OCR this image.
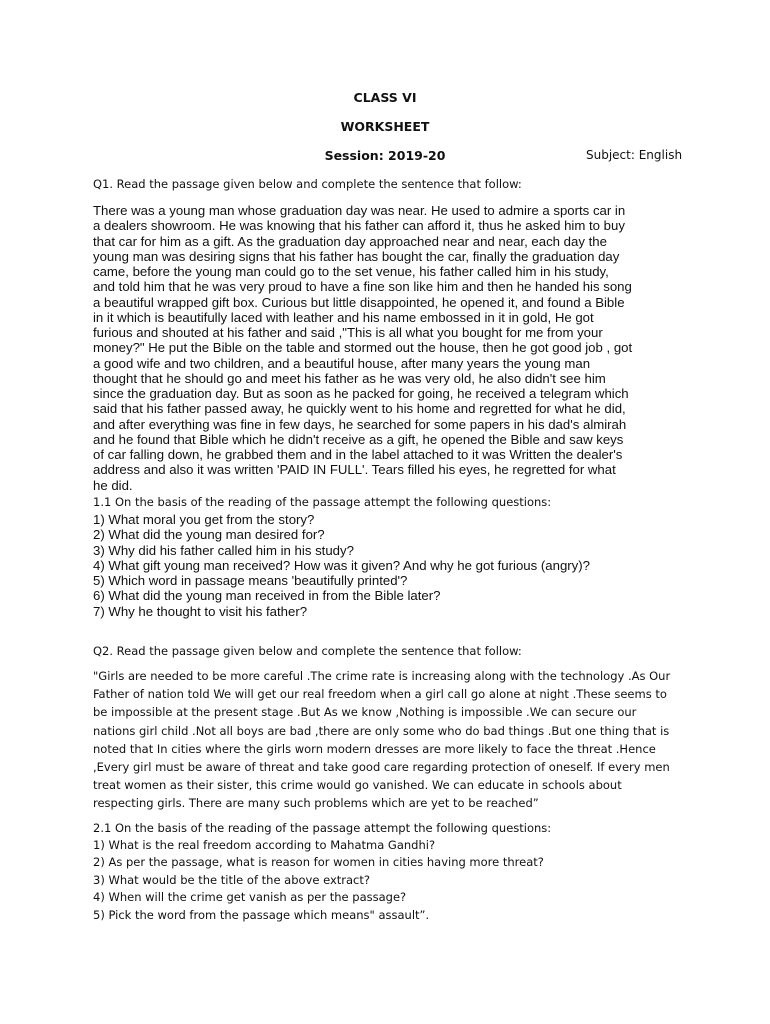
CLASS VI
WORKSHEET
Session: 2019-20	Subject: English
Q1. Read the passage given below and complete the sentence that follow:
There was a young man whose graduation day was near. He used to admire a sports car in
a dealers showroom. He was knowing that his father can afford it, thus he asked him to buy
that car for him as a gift. As the graduation day approached near and near, each day the
young man was desiring signs that his father has bought the car, finally the graduation day
came, before the young man could go to the set venue, his father called him in his study,
and told him that he was very proud to have a fine son like him and then he handed his song
a beautiful wrapped gift box. Curious but little disappointed, he opened it, and found a Bible
in it which is beautifully laced with leather and his name embossed in it in gold, He got
furious and shouted at his father and said ,"This is all what you bought for me from your
money?" He put the Bible on the table and stormed out the house, then he got good job , got
a good wife and two children, and a beautiful house, after many years the young man
thought that he should go and meet his father as he was very old, he also didn't see him
since the graduation day. But as soon as he packed for going, he received a telegram which
said that his father passed away, he quickly went to his home and regretted for what he did,
and after everything was fine in few days, he searched for some papers in his dad's almirah
and he found that Bible which he didn't receive as a gift, he opened the Bible and saw keys
of car falling down, he grabbed them and in the label attached to it was Written the dealer's
address and also it was written 'PAID IN FULL'. Tears filled his eyes, he regretted for what
he did.
1.1 On the basis of the reading of the passage attempt the following questions:
1) What moral you get from the story?
2) What did the young man desired for?
3) Why did his father called him in his study?
4) What gift young man received? How was it given? And why he got furious (angry)?
5) Which word in passage means 'beautifully printed'?
6) What did the young man received in from the Bible later?
7) Why he thought to visit his father?
Q2. Read the passage given below and complete the sentence that follow:
"Girls are needed to be more careful .The crime rate is increasing along with the technology .As Our
Father of nation told We will get our real freedom when a girl call go alone at night .These seems to
be impossible at the present stage .But As we know ,Nothing is impossible .We can secure our
nations girl child .Not all boys are bad ,there are only some who do bad things .But one thing that is
noted that In cities where the girls worn modern dresses are more likely to face the threat .Hence
,Every girl must be aware of threat and take good care regarding protection of oneself. If every men
treat women as their sister, this crime would go vanished. We can educate in schools about
respecting girls. There are many such problems which are yet to be reached”
2.1 On the basis of the reading of the passage attempt the following questions:
1) What is the real freedom according to Mahatma Gandhi?
2) As per the passage, what is reason for women in cities having more threat?
3) What would be the title of the above extract?
4) When will the crime get vanish as per the passage?
5) Pick the word from the passage which means" assault”.
